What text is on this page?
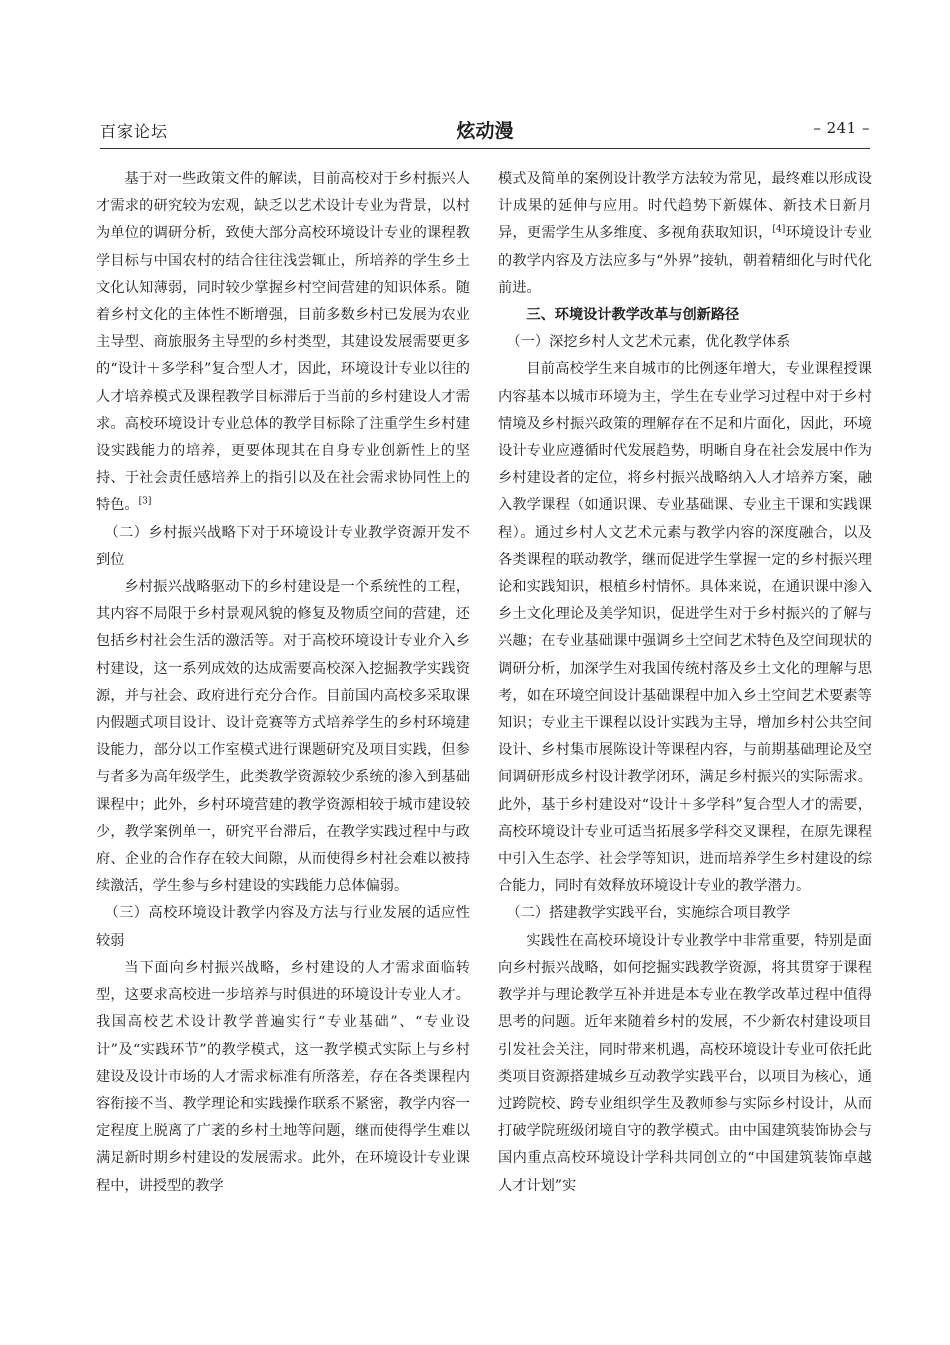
百家论坛	炫动漫	– 241 –

基于对一些政策文件的解读，目前高校对于乡村振兴人才需求的研究较为宏观，缺乏以艺术设计专业为背景，以村为单位的调研分析，致使大部分高校环境设计专业的课程教学目标与中国农村的结合往往浅尝辄止，所培养的学生乡土文化认知薄弱，同时较少掌握乡村空间营建的知识体系。随着乡村文化的主体性不断增强，目前多数乡村已发展为农业主导型、商旅服务主导型的乡村类型，其建设发展需要更多的“设计＋多学科”复合型人才，因此，环境设计专业以往的人才培养模式及课程教学目标滞后于当前的乡村建设人才需求。高校环境设计专业总体的教学目标除了注重学生乡村建设实践能力的培养，更要体现其在自身专业创新性上的坚持、于社会责任感培养上的指引以及在社会需求协同性上的特色。[3]

（二）乡村振兴战略下对于环境设计专业教学资源开发不到位

乡村振兴战略驱动下的乡村建设是一个系统性的工程，其内容不局限于乡村景观风貌的修复及物质空间的营建，还包括乡村社会生活的激活等。对于高校环境设计专业介入乡村建设，这一系列成效的达成需要高校深入挖掘教学实践资源，并与社会、政府进行充分合作。目前国内高校多采取课内假题式项目设计、设计竞赛等方式培养学生的乡村环境建设能力，部分以工作室模式进行课题研究及项目实践，但参与者多为高年级学生，此类教学资源较少系统的渗入到基础课程中；此外，乡村环境营建的教学资源相较于城市建设较少，教学案例单一，研究平台滞后，在教学实践过程中与政府、企业的合作存在较大间隙，从而使得乡村社会难以被持续激活，学生参与乡村建设的实践能力总体偏弱。

（三）高校环境设计教学内容及方法与行业发展的适应性较弱

当下面向乡村振兴战略，乡村建设的人才需求面临转型，这要求高校进一步培养与时俱进的环境设计专业人才。我国高校艺术设计教学普遍实行“专业基础”、“专业设计”及“实践环节”的教学模式，这一教学模式实际上与乡村建设及设计市场的人才需求标准有所落差，存在各类课程内容衔接不当、教学理论和实践操作联系不紧密，教学内容一定程度上脱离了广袤的乡村土地等问题，继而使得学生难以满足新时期乡村建设的发展需求。此外，在环境设计专业课程中，讲授型的教学

模式及简单的案例设计教学方法较为常见，最终难以形成设计成果的延伸与应用。时代趋势下新媒体、新技术日新月异，更需学生从多维度、多视角获取知识，[4]环境设计专业的教学内容及方法应多与“外界”接轨，朝着精细化与时代化前进。

三、环境设计教学改革与创新路径

（一）深挖乡村人文艺术元素，优化教学体系

目前高校学生来自城市的比例逐年增大，专业课程授课内容基本以城市环境为主，学生在专业学习过程中对于乡村情境及乡村振兴政策的理解存在不足和片面化，因此，环境设计专业应遵循时代发展趋势，明晰自身在社会发展中作为乡村建设者的定位，将乡村振兴战略纳入人才培养方案，融入教学课程（如通识课、专业基础课、专业主干课和实践课程）。通过乡村人文艺术元素与教学内容的深度融合，以及各类课程的联动教学，继而促进学生掌握一定的乡村振兴理论和实践知识，根植乡村情怀。具体来说，在通识课中渗入乡土文化理论及美学知识，促进学生对于乡村振兴的了解与兴趣；在专业基础课中强调乡土空间艺术特色及空间现状的调研分析，加深学生对我国传统村落及乡土文化的理解与思考，如在环境空间设计基础课程中加入乡土空间艺术要素等知识；专业主干课程以设计实践为主导，增加乡村公共空间设计、乡村集市展陈设计等课程内容，与前期基础理论及空间调研形成乡村设计教学闭环，满足乡村振兴的实际需求。此外，基于乡村建设对“设计＋多学科”复合型人才的需要，高校环境设计专业可适当拓展多学科交叉课程，在原先课程中引入生态学、社会学等知识，进而培养学生乡村建设的综合能力，同时有效释放环境设计专业的教学潜力。

（二）搭建教学实践平台，实施综合项目教学

实践性在高校环境设计专业教学中非常重要，特别是面向乡村振兴战略，如何挖掘实践教学资源，将其贯穿于课程教学并与理论教学互补并进是本专业在教学改革过程中值得思考的问题。近年来随着乡村的发展，不少新农村建设项目引发社会关注，同时带来机遇，高校环境设计专业可依托此类项目资源搭建城乡互动教学实践平台，以项目为核心，通过跨院校、跨专业组织学生及教师参与实际乡村设计，从而打破学院班级闭境自守的教学模式。由中国建筑装饰协会与国内重点高校环境设计学科共同创立的“中国建筑装饰卓越人才计划”实
